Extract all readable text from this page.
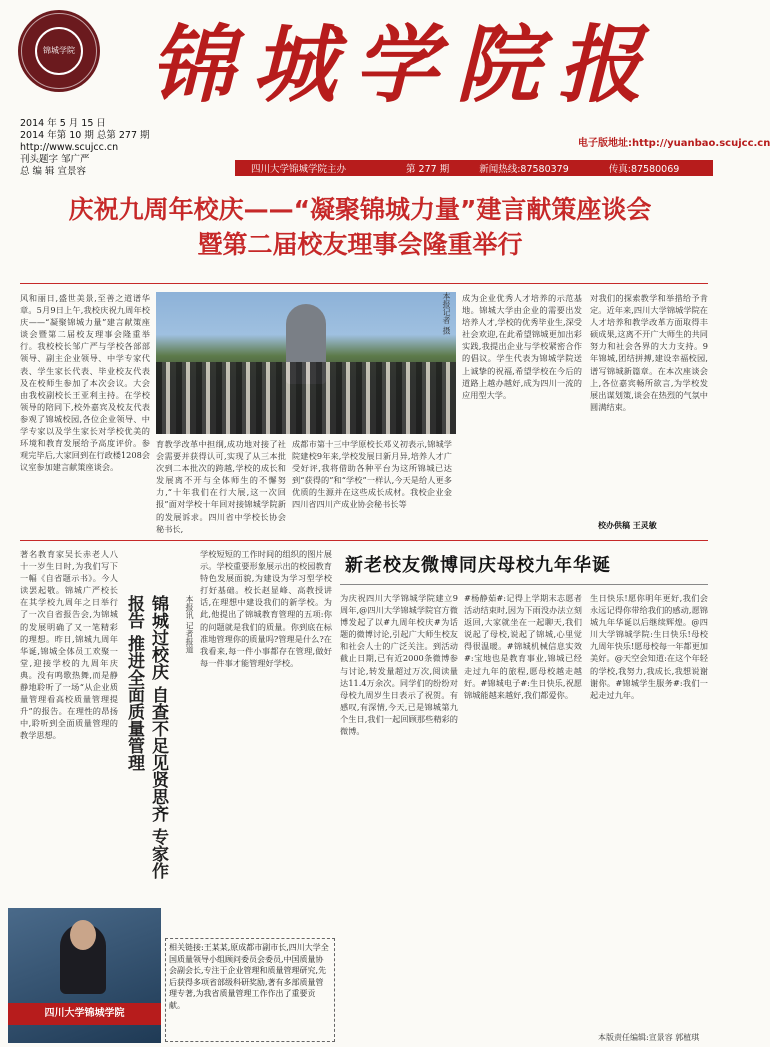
锦城学院 锦城学院报
2014 年 5 月 15 日
2014 年第 10 期 总第 277 期
http://www.scujcc.cn
刊头题字 邹广严
总 编 辑 宣景容
电子版地址:http://yuanbao.scujcc.cn
四川大学锦城学院主办	第 277 期	新闻热线:87580379	传真:87580069
庆祝九周年校庆——“凝聚锦城力量”建言献策座谈会
暨第二届校友理事会隆重举行
风和丽日,盛世美景,至善之道谱华章。5月9日上午,我校庆祝九周年校庆——“凝聚锦城力量”建言献策座谈会暨第二届校友理事会隆重举行。我校校长邹广严与学校各部部领导、副主企业领导、中学专家代表、学生家长代表、毕业校友代表及在校师生参加了本次会议。大会由我校副校长王亚利主持。在学校领导的陪同下,校外嘉宾及校友代表参观了锦城校园,各位企业领导、中学专家以及学生家长对学校优美的环境和教育发展给予高度评价。参观完毕后,大家回到在行政楼1208会议室参加建言献策座谈会。
本报记者 摄
育教学改革中担纲,成功地对接了社会需要并获得认可,实现了从三本批次到二本批次的跨越,学校的成长和发展离不开与全体师生的不懈努力,“十年我们在行大展,这一次回报”面对学校十年回对接锦城学院新的发展诉求。四川省中学校长协会秘书长,
成都市第十三中学原校长邓义初表示,锦城学院建校9年来,学校发展日新月异,培养人才广受好评,我将借助各种平台为这所锦城已达到“获得的”和“学校”一样认,今天是给人更多优质的生源并在这些成长成材。我校企业金四川省四川产成业协会秘书长等
成为企业优秀人才培养的示范基地。锦城大学由企业的需要出发培养人才,学校的优秀毕业生,深受社会欢迎,在此希望锦城更加出彩实践,我提出企业与学校紧密合作的倡议。学生代表为锦城学院送上诚挚的祝福,希望学校在今后的道路上越办越好,成为四川一流的应用型大学。
对我们的探索教学和举措给予肯定。近年来,四川大学锦城学院在人才培养和教学改革方面取得丰硕成果,这离不开广大师生的共同努力和社会各界的大力支持。9年锦城,团结拼搏,建设幸福校园,谱写锦城新篇章。在本次座谈会上,各位嘉宾畅所欲言,为学校发展出谋划策,谈会在热烈的气氛中圆满结束。
校办供稿 王灵敏
著名教育家吴长赤老人八十一岁生日时,为我们写下一幅《自省题示书》。今人读罢起敬。锦城广严校长在其学校九周年之日举行了一次自省报告会,为锦城的发展明确了又一笔精彩的理想。昨日,锦城九周年华诞,锦城全体员工欢聚一堂,迎接学校的九周年庆典。没有鸣歌热舞,而是静静地聆听了一场“从企业质量管理看高校质量管理提升”的报告。在理性的昂扬中,聆听到全面质量管理的教学思想。	锦城过校庆 自查不足见贤思齐 专家作报告 推进全面质量管理	本报讯 记者报道
学校短短的工作时间的组织的图片展示。学校重要形象展示出的校园教育特色发展面貌,为建设为学习型学校打好基础。校长赵显峰、高教授讲话,在理想中建设我们的新学校。为此,他提出了锦城教育管理的五项:你的问题就是我们的质量。你到底在标准地管理你的质量吗?管理是什么?在我看来,每一件小事都存在管理,做好每一件事才能管理好学校。
新老校友微博同庆母校九年华诞
为庆祝四川大学锦城学院建立9周年,@四川大学锦城学院官方微博发起了以#九周年校庆#为话题的微博讨论,引起广大师生校友和社会人士的广泛关注。到活动截止日期,已有近2000条微博参与讨论,转发量超过万次,阅读量达11.4万余次。同学们的纷纷对母校九周岁生日表示了祝贺。有感叹,有深情,今天,已是锦城第九个生日,我们一起回顾那些精彩的微博。
#杨静茹#:记得上学期末志愿者活动结束时,因为下雨没办法立刻返回,大家就坐在一起聊天,我们说起了母校,说起了锦城,心里觉得很温暖。#锦城机械信息实效#:宝地也是教育事业,锦城已经走过九年的旅程,愿母校越走越好。#锦城电子#:生日快乐,祝愿锦城能越来越好,我们都爱你。
生日快乐!愿你明年更好,我们会永远记得你带给我们的感动,愿锦城九年华诞以后继续辉煌。@四川大学锦城学院:生日快乐!母校九周年快乐!愿母校每一年都更加美好。@天空会知道:在这个年轻的学校,我努力,我成长,我想说谢谢你。#锦城学生服务#:我们一起走过九年。
四川大学锦城学院
相关链接:王某某,原成都市副市长,四川大学全国质量领导小组顾问委员会委员,中国质量协会副会长,专注于企业管理和质量管理研究,先后获得多项省部级科研奖励,著有多部质量管理专著,为我省质量管理工作作出了重要贡献。
本版责任编辑:宣景容 郭植琪
